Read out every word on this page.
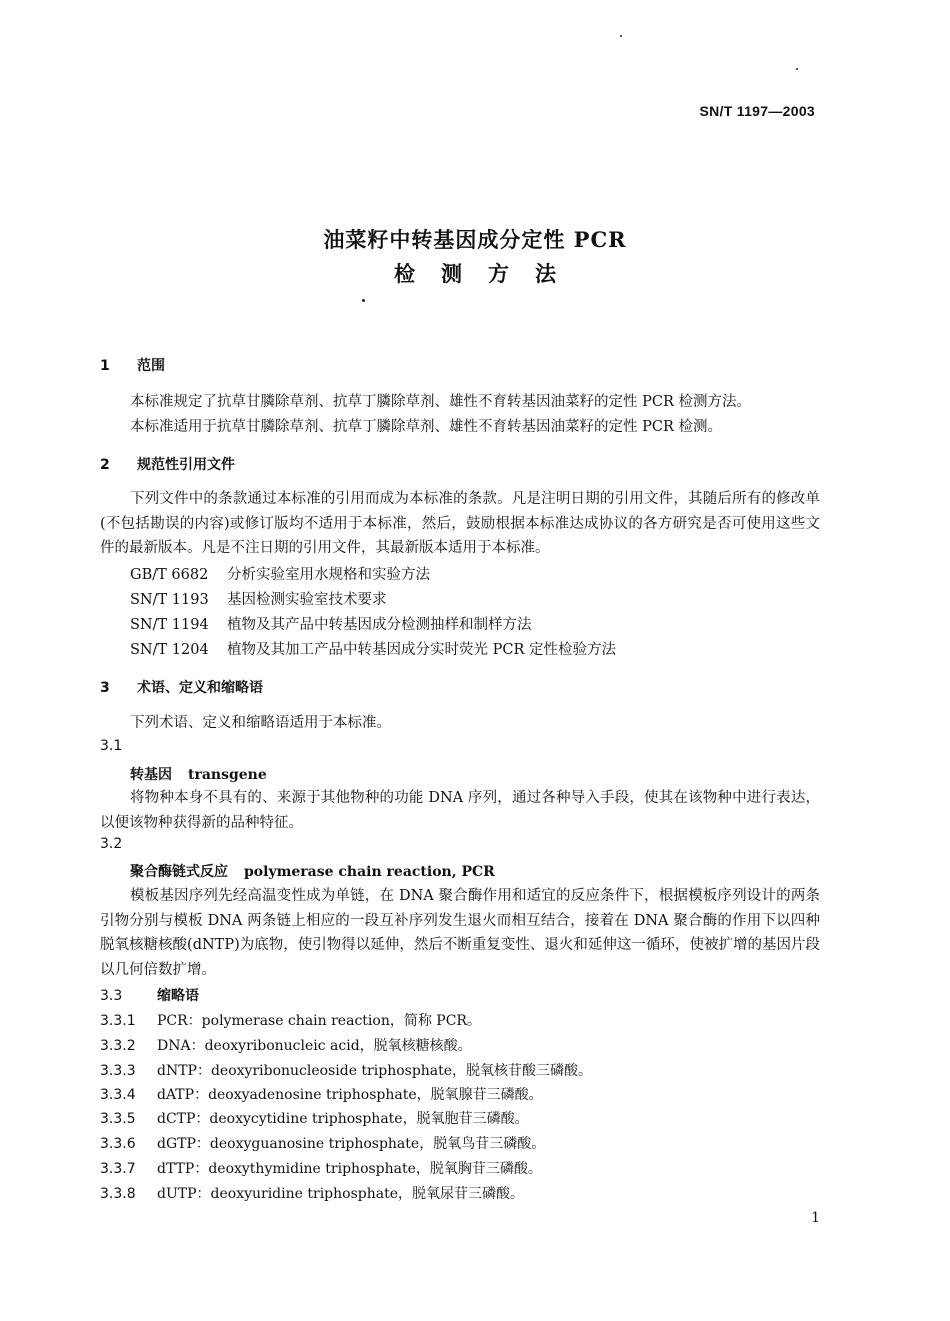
SN/T 1197—2003
油菜籽中转基因成分定性 PCR
检测方法
1 范围
本标准规定了抗草甘膦除草剂、抗草丁膦除草剂、雄性不育转基因油菜籽的定性 PCR 检测方法。
本标准适用于抗草甘膦除草剂、抗草丁膦除草剂、雄性不育转基因油菜籽的定性 PCR 检测。
2 规范性引用文件
下列文件中的条款通过本标准的引用而成为本标准的条款。凡是注明日期的引用文件，其随后所有的修改单(不包括勘误的内容)或修订版均不适用于本标准，然后，鼓励根据本标准达成协议的各方研究是否可使用这些文件的最新版本。凡是不注日期的引用文件，其最新版本适用于本标准。
GB/T 6682 分析实验室用水规格和实验方法
SN/T 1193 基因检测实验室技术要求
SN/T 1194 植物及其产品中转基因成分检测抽样和制样方法
SN/T 1204 植物及其加工产品中转基因成分实时荧光 PCR 定性检验方法
3 术语、定义和缩略语
下列术语、定义和缩略语适用于本标准。
3.1
转基因 transgene
将物种本身不具有的、来源于其他物种的功能 DNA 序列，通过各种导入手段，使其在该物种中进行表达，以便该物种获得新的品种特征。
3.2
聚合酶链式反应 polymerase chain reaction, PCR
模板基因序列先经高温变性成为单链，在 DNA 聚合酶作用和适宜的反应条件下，根据模板序列设计的两条引物分别与模板 DNA 两条链上相应的一段互补序列发生退火而相互结合，接着在 DNA 聚合酶的作用下以四种脱氧核糖核酸(dNTP)为底物，使引物得以延伸，然后不断重复变性、退火和延伸这一循环，使被扩增的基因片段以几何倍数扩增。
3.3 缩略语
3.3.1 PCR：polymerase chain reaction，简称 PCR。
3.3.2 DNA：deoxyribonucleic acid，脱氧核糖核酸。
3.3.3 dNTP：deoxyribonucleoside triphosphate，脱氧核苷酸三磷酸。
3.3.4 dATP：deoxyadenosine triphosphate，脱氧腺苷三磷酸。
3.3.5 dCTP：deoxycytidine triphosphate，脱氧胞苷三磷酸。
3.3.6 dGTP：deoxyguanosine triphosphate，脱氧鸟苷三磷酸。
3.3.7 dTTP：deoxythymidine triphosphate，脱氧胸苷三磷酸。
3.3.8 dUTP：deoxyuridine triphosphate，脱氧尿苷三磷酸。
1
